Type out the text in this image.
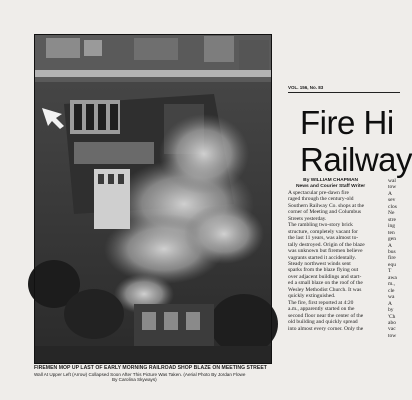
FIREMEN MOP UP LAST OF EARLY MORNING RAILROAD SHOP BLAZE ON MEETING STREET
Wall At Upper Left (Arrow) Collapsed Soon After This Picture Was Taken. (Aerial Photo By Jordan Flowe
By Carolina Skyways)
VOL. 156, No. 83
Fire Hi
Railway
By WILLIAM CHAPMAN
News and Courier Staff Writer

A spectacular pre-dawn fire

raged through the century-old

Southern Railway Co. shops at the

corner of Meeting and Columbus

Streets yesterday.

The rambling two-story brick

structure, completely vacant for

the last 11 years, was almost to-

tally destroyed. Origin of the blaze

was unknown but firemen believe

vagrants started it accidentally.

Steady northwest winds sent

sparks from the blaze flying out

over adjacent buildings and start-

ed a small blaze on the roof of the

Wesley Methodist Church. It was

quickly extinguished.

The fire, first reported at 4:20

a.m., apparently started on the

second floor near the center of the

old building and quickly spread

into almost every corner. Only the

wal

tow

A

sev

clos

Ne

stre

ing

ten

gen

A

bus

fire

equ

T

awa

m.,

cle

wa

A

by

'Ch

abo

vac

tow
